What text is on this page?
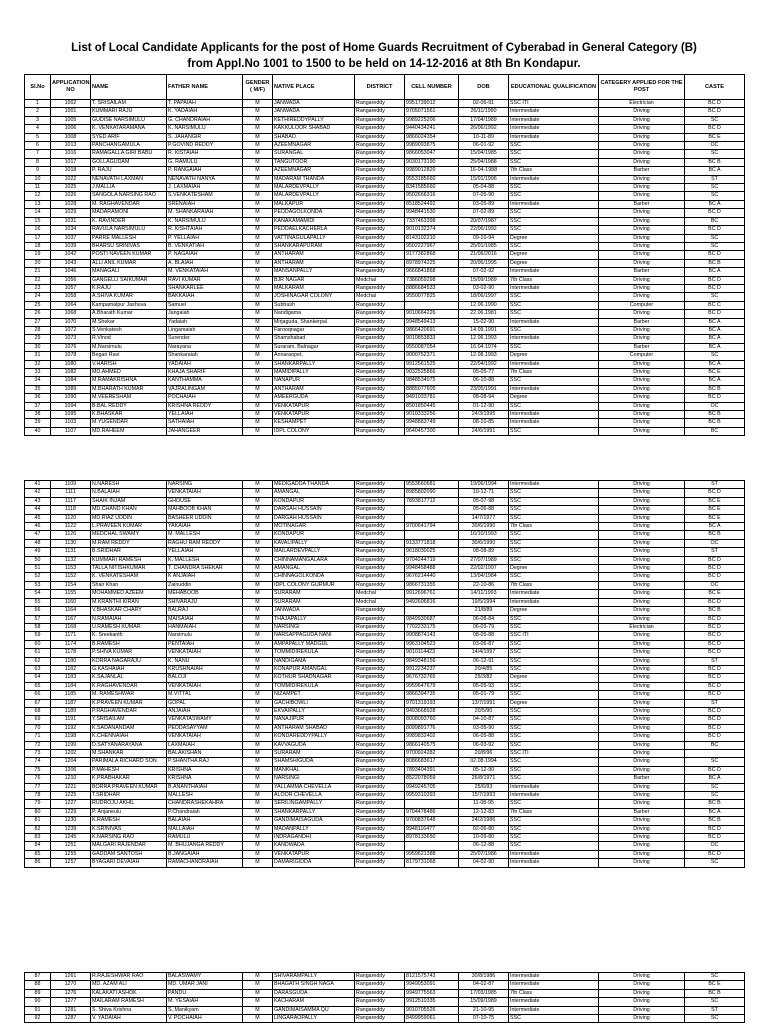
List of Local Candidate Applicants for the post of Home Guards Recruitment of Cyberabad in General Category (B)
from Appl.No 1001 to 1500 to be held on 14-12-2016 at 8th Bn Kondapur.
Sl.No	APPLICATION NO	NAME	FATHER NAME	GENDER ( M/F)	NATIVE PLACE	DISTRICT	CELL NUMBER	DOB	EDUCATIONAL QUALIFICATION	CATEGERY APPLIED FOR THE POST	CASTE
1	1002	T. SRISAILAM	T. PAPAIAH	M	JANWADA	Rangareddy	9951739012	02-06-91	SSC ITI	Electrician	BC D
2	1001	KUMMARI RAJU	K. YADAIAH	M	JANWADA	Rangareddy	9705071561	26/11/1990	Intermediate	Driving	BC D
3	1005	GUDISE NARSIMULU	G. CHANDRAIAH	M	KETHIREDDYPALLY	Rangareddy	9989225206	17/04/1989	Intermediate	Driving	SC
4	1006	K. VENKATARAMANA	K. NARSIMULU	M	KAKKULOOR SHABAD	Rangareddy	9440434241	26/06/1992	Intermediate	Driving	BC D
5	1008	SYED ARIF	S. JAHANGIR	M	SHABAD	Rangareddy	9866024354	10-11-89	Intermediate	Driving	BC E
6	1013	PANCHANGAMULA	P.GOVIND REDDY	M	AZEEMNAGAR	Rangareddy	9989093875	06-01-92	SSC	Driving	OC
7	1016	RAMAGALLA GIRI BABU	R. KISTAIAH	M	SURANGAL	Rangareddy	9866053047	15/04/1985	SSC	Driving	SC
8	1017	GOLLAGUDAM	G. RAMULU	M	TANGUTOOR	Rangareddy	9030173190	25/04/1988	SSC	Driving	BC B
9	1018	P. RAJU	P. RANGAIAH	M	AZEEMNAGAR	Rangareddy	9989012820	16-04-1988	7th Class	Barber	BC A
10	1022	NENAVATH LAXMAN	NENAVATH NANYA	M	MADARAM THANDA	Rangareddy	9553185660	15/01/1996	Intermediate	Driving	ST
11	1025	J.MALLIA	J. LAXMAIAH	M	MALARDEVPALLY	Rangareddy	8341585660	05-04-88	SSC	Driving	SC
12	1026	SANGOLA NARSING RAO	S.VENKATESHAM	M	MALARDEVPALLY	Rangareddy	9502666316	07-05-90	SSC	Driving	SC
13	1028	M. RAGHAVENDAR	SRENAIAH	M	MALKAPUR	Rangareddy	8518524492	03-05-89	Intermediate	Barber	BC A
14	1029	MADARAMONI	M. SHANKARAIAH	M	PEDDAGOLKONDA	Rangareddy	9948441530	07-02-89	SSC	Driving	BC D
15	1031	K. RAVINDER	K. NARSIMULU	M	KANAKAMAMIDI	Rangareddy	7337463398	20/07/1987	SSC	Driving	BC
16	1034	RAVULA NARSIMULU	R. KISHTAIAH	M	PEDDAELKACHERLA	Rangareddy	9010132374	22/06/1992	SSC	Driving	BC D
17	1037	PARRE MALLESH	P. YELLAIAH	M	VATTINAGULAPALLY	Rangareddy	8143102210	09-10-94	Degree	Driving	SC
18	1039	BHARSU SRINIVAS	B. VENKATIAH	M	SHANKARAPURAM	Rangareddy	9502227967	25/01/1985	SSC	Driving	SC
19	1042	POSTI NAVEEN KUMAR	P. NAGAIAH	M	ANTHARAM	Rangareddy	9177382868	21/06/2016	Degree	Driving	BC D
20	1043	ALLI ANIL KUMAR	A. BLAIAH	M	ANTHARAM	Rangareddy	8978974225	20/06/1995	Degree	Driving	BC B
21	1046	MANAGALI	M. VENKATAIAH	M	MANSANPALLY	Rangareddy	9666841868	07-02-92	Intermediate	Barber	BC A
22	1056	GANGELLI SAIKUMAR	RAVI KUMAR	M	BJR NAGAR	Medchal	7386059298	15/09/1989	7th Class	Driving	BC D
23	1057	K.RAJU	SHANKARLEE	M	MALKARAM	Rangareddy	8886684533	03-02-90	Intermediate	Driving	BC D
24	1058	A.SHIVA KUMAR	BAKKAIAH	M	JOSHINAGAR COLONY	Medchal	9550077825	18/06/1997	SSC	Driving	SC
25	1064	Kampamalpur Jashuva	Samuel	M	Subhash	Rangareddy		12.06.1990	SSC	Computer	BC C
26	1068	A.Bharath Kumar	Jangaiah	M	Nandigama	Rangareddy	9010664226	22.06.1981	SSC	Driving	BC D
27	1070	M.Shekar	Yadaiah	M	Mirjaguda, Shankerpal	Rangareddy	9948549413	15-02-90	Intermediate	Barber	BC A
28	1072	S.Venkatesh	Lingamaiah	M	Farooqnagar	Rangareddy	9866420691	14.09.1991	SSC	Driving	BC A
29	1073	R.Vinod	Surender	M	Shamshabad	Rangareddy	9010853833	12.06.1993	Intermediate	Driving	BC A
30	1076	M.Narsimulu	Narayana	M	Suraram, Balnagar	Rangareddy	9550087054	16.04.1974	SSC	Barber	BC A
31	1078	Begari Ravi	Shankaraiah	M	Annaraopet,	Rangareddy	9000752371	12.08.1993	Degree	Computer	SC
32	1080	V.HARISH	YADAIAH	M	SHANKARPALLY	Rangareddy	9912561525	22/04/1992	Intermediate	Driving	BC A
33	1082	MD.AHMED	KHAJA SHARIF	M	MAMIDIPALLY	Rangareddy	9032525866	05-05-77	7th Class	Driving	BC E
34	1084	M.RAMAKRISHNA	KANTHAMMA	M	NANAPUR	Rangareddy	9848534075	06-10-88	SSC	Driving	BC A
35	1089	M.BHARATH KUMAR	VAJRALINGAM	M	ANTHARAM	Rangareddy	8885077605	23/05/1991	Intermediate	Driving	BC B
36	1090	M.VEERESHAM	POCHAIAH	M	AMEERGUDA	Rangareddy	9491033781	08-08-94	Degree	Driving	BC D
37	1094	B.BAL REDDY	KRISHNA REDDY	M	VENKATAPUR	Rangareddy	8501850445	01-12-90	SSC	Driving	OC
38	1095	K.BHASKAR	YELLAIAH	M	VENKATAPUR	Rangareddy	9010333256	24/3/1995	Intermediate	Driving	BC B
39	1103	M.YUGENDAR	SATHAIAH	M	KESHAMPET	Rangareddy	9948883749	08-10-85	Intermediate	Driving	BC B
40	1107	MD.RAHEEM	JAHANGEER	M	IDPL COLONY	Rangareddy	9640457300	24/6/1991	SSC	Driving	BC
41	1109	N.NARESH	NARSING	M	MEDIGADDA THANDA	Rangareddy	9553660681	19/06/1994	Intermediate	Driving	ST
42	1111	N.BALAIAH	VENKATAIAH	M	AMANGAL	Rangareddy	8985802090	10-12-71	SSC	Driving	BC D
43	1117	SHAIK INJAM	GHOUSE	M	KONDAPUR	Rangareddy	7893817712	05-07-98	SSC	Driving	BC E
44	1118	MD.CHAND KHAN	MAHBOOB KHAN	M	DARGAH HUSSAIN	Rangareddy		05-06-88	SSC	Driving	BC E
45	1120	MD.RIAZ UDDIN	BASHEER UDDIN	M	DARGAH HUSSAIN	Rangareddy		14/7/1977	SSC	Driving	BC E
46	1122	L.PRAVEEN KUMAR	YAKAIAH	M	MOTINAGAR	Rangareddy	9700641794	30/6/1990	7th Class	Driving	BC A
47	1126	MEDCHAL SWAMY	M. MALLESH	M	KONDAPUR	Rangareddy		16/10/1993	SSC	Driving	BC B
48	1130	M.RAM REDDY	RAGHU RAM REDDY	M	KAVALIPALLY	Rangareddy	9133771818	30/6/1990	SSC	Driving	OC
49	1131	B.SRIDHAR	YELLAIAH	M	MAILARDEVPALLY	Rangareddy	9618030025	08-08-89	SSC	Driving	ST
50	1132	KUMMARI RAMESH	K. MALLESH	M	CHINNAMANGALARA	Rangareddy	9704244719	27/07/1989	SSC	Driving	BC D
51	1153	TALLA NITISHKUMAR	T. CHANDRA SHEKAR	M	AMANGAL	Rangareddy	9948458488	22/02/1997	Degree	Driving	BC D
52	1152	K. VENKATESHAM	K ANJAIAH	M	CHINNAGOLKONDA	Rangareddy	9676214440	13/04/1984	SSC	Driving	BC D
53	1154	Shair Khan	Zainuddin	M	IDPL COLONY GURMUR	Rangareddy	9866731355	22-10-86	7th Class	Driving	OC
54	1155	MOHAMMED AZEEM	MEHABOOB	M	SURARAM	Medchal	9912696761	14/11/1993	Intermediate	Driving	BC E
55	1160	M.KRANTHI KIRAN	SHIVARAJU	M	SURARAM	Medchal	9492606816	19/5/1994	Intermediate	Driving	BC D
56	1164	V.BHASKAR CHARY	BALRAJ	M	JANWADA	Rangareddy		21/8/89	Degree	Driving	BC B
57	1167	N.RAMAIAH	MAISAIAH	M	THAJAPALLY	Rangareddy	9849930687	06-08-84	SSC	Driving	BC D
58	1168	U.RAMESH KUMAR	HANMAIAH	M	NARSINGI	Rangareddy	7702233175	06-03-79	SSC	Electrician	BC D
59	1171	K. Sreekanth	Narsimulu	M	NARSAPPAGUDA NANI	Rangareddy	9908874143	08-05-88	SSC ITI	Driving	BC D
60	1174	B.RAMESH	PENTAIAH	M	AMPAPALLY MADGUL	Rangareddy	9963104523	03-06-87	SSC	Driving	BC D
61	1178	P.SHIVA KUMAR	VENKATAIAH	M	TOMMIDIREKULA	Rangareddy	9010114423	14/4/1997	SSC	Driving	BC D
62	1180	KORRA NAGARAJU	K. NANU	M	NANDIGAMA	Rangareddy	9849348156	06-12-91	SSC	Driving	ST
63	1182	G.KASHAIAH	KRUSHNAIAH	M	KONAPUR AMANGAL	Rangareddy	9912234237	20/4/85	SSC	Driving	BC D
64	1183	K.SAJANLAL	BALOJI	M	KOTHUR SHADNAGAR	Rangareddy	9676732765	25/3/82	Degree	Driving	BC D
65	1184	K.RAGHAVENDAR	VENKATAIAH	M	TOMMIDIREKULA	Rangareddy	9959647679	05-05-93	SSC	Driving	BC D
66	1185	M. RAMESHWAR	M.VITTAL	M	NIZAMPET	Rangareddy	9866394735	05-01-79	SSC	Driving	BC D
67	1187	K.PRAVEEN KUMAR	GOPAL	M	GACHIBOWLI	Rangareddy	9701319193	13/7/1991	Degree	Driving	ST
68	1189	P.RAGHAVENDAR	ANJAIAH	M	EKVAIPALLY	Rangareddy	9493668928	20/5/90	SSC	Driving	BC D
69	1191	Y.SRISAILAM	VENKATASWAMY	M	NANAJIPUR	Rangareddy	8008093760	04-10-87	SSC	Driving	BC D
70	1192	K.SADANANDAM	PEDDASAYYAM	M	ANTHARAM SHABAD	Rangareddy	8099891776	03-05-90	SSC	Driving	BC D
71	1198	K.CHENNAIAH	VENKATAIAH	M	KONDAREDDYPALLY	Rangareddy	9989832402	06-05-88	SSC	Driving	BC D
72	1199	D.SATYANARAYANA	LAXMAIAH	M	KAVVAGUDA	Rangareddy	9866140575	06-03-92	SSC	Driving	BC
73	1202	M.SHANKAR	BALAKISHAN	M	SURARAM	Rangareddy	9700924282	20/8/96	SSC ITI	Driving	
74	1204	PARIMALA RICHARD SON	P.SHANTHA RAJ	M	SHAMSHIGUDA	Rangareddy	8086683617	02.08.1994	SSC	Driving	SC
75	1206	P.MAHESH	KRISHNA	M	MANKHAL	Rangareddy	7893404391	05-12-90	SSC	Driving	BC D
76	1210	K.PRABHAKAR	KRISHNA	M	NARSINGI	Rangareddy	8522078059	26/8/1971	SSC	Barber	BC A
77	1221	BORRA PRAVEEN KUMAR	B.ANANTHAIAH	M	YALLAMMA CHEVELLA	Rangareddy	9949245705	25/6/93	Intermediate	Driving	SC
78	1225	T.SRIDHAR	MALLESH	M	ALOOR CHEVELLA	Rangareddy	9959310393	15/7/1993	Intermediate	Driving	SC
79	1227	RUDROJU AKHIL	CHANDRASHEKAHRA	M	SERILINGAMPALLY	Rangareddy		11-08-95	SSC	Driving	BC B
80	1229	P. Anjaneulu	P.Chandraiah	M	SHANKARPALLY	Rangareddy	9704478486	12-12-83	7th Class	Barber	BC A
81	1230	K.RAMESH	BALAIAH	M	GANDIMAISAGUDA	Rangareddy	9700837648	24/2/1986	SSC	Driving	BC B
82	1239	K.SRINIVAS	MALLAIAH	M	MADANPALLY	Rangareddy	9948116477	02-06-80	SSC	Driving	BC D
83	1245	K.NARSING RAO	RAMULU	M	INDRAGANDHI	Rangareddy	8978133650	10-09-80	SSC	Driving	BC D
84	1251	MALGARI RAJENDAR	M. BHUJANGA REDDY	M	KANDWADA	Rangareddy		06-12-88	SSC	Driving	OC
85	1255	GADDAM SANTOSH	B.JANGAIAH	M	VENKATAPUR	Rangareddy	9959621388	25/07/1986	Intermediate	Driving	BC D
86	1257	BYAGARI DEVAIAH	RAMACHANDRAIAH	M	DAMARIGIDDA	Rangareddy	8179731068	04-02-90	Intermediate	Driving	SC
87	1261	R.RAJESHWAR RAO	BALASWAMY	M	SHIVARAMPALLY	Rangareddy	8121575743	30/8/1986	Intermediate	Driving	SC
88	1270	MD. AZAM ALI	MD. UMAR JANI	M	BHAGATH SINGH NAGA	Rangareddy	9949053091	04-02-87	Intermediate	Driving	BC E
89	1276	KALAKATI ASHOK	PANDU	M	DARASGUDA	Rangareddy	9949775563	17/03/1985	7th Class	Driving	BC B
90	1277	MAILARAM RAMESH	M. YESAIAH	M	KACHARAM	Rangareddy	9912510335	15/09/1989	Intermediate	Driving	SC
91	1281	S. Shiva Krishna	S. Manikyam	M	GANDIMAISAMMA QU	Rangareddy	9010705526	21-10-95	Intermediate	Driving	ST
92	1287	V. YADAIAH	V. POCHAIAH	M	LINGARAOPALLY	Rangareddy	8499959061	07-10-75	SSC	Driving	SC
